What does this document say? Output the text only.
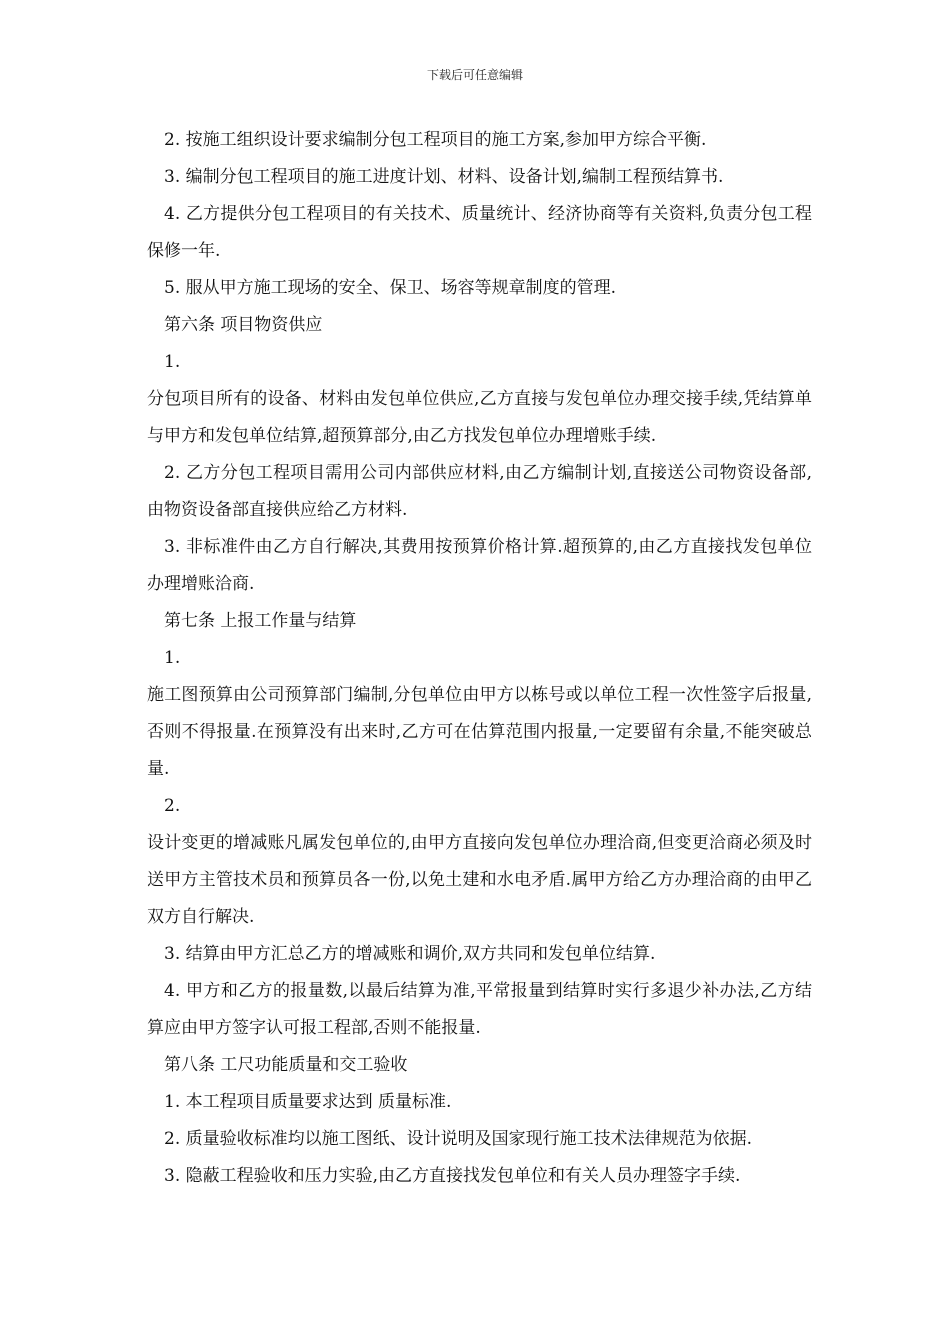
下载后可任意编辑

2. 按施工组织设计要求编制分包工程项目的施工方案,参加甲方综合平衡.

3. 编制分包工程项目的施工进度计划、材料、设备计划,编制工程预结算书.

4. 乙方提供分包工程项目的有关技术、质量统计、经济协商等有关资料,负责分包工程保修一年.

5. 服从甲方施工现场的安全、保卫、场容等规章制度的管理.

第六条 项目物资供应

1.

分包项目所有的设备、材料由发包单位供应,乙方直接与发包单位办理交接手续,凭结算单与甲方和发包单位结算,超预算部分,由乙方找发包单位办理增账手续.

2. 乙方分包工程项目需用公司内部供应材料,由乙方编制计划,直接送公司物资设备部,由物资设备部直接供应给乙方材料.

3. 非标准件由乙方自行解决,其费用按预算价格计算.超预算的,由乙方直接找发包单位办理增账洽商.

第七条 上报工作量与结算

1.

施工图预算由公司预算部门编制,分包单位由甲方以栋号或以单位工程一次性签字后报量,否则不得报量.在预算没有出来时,乙方可在估算范围内报量,一定要留有余量,不能突破总量.

2.

设计变更的增减账凡属发包单位的,由甲方直接向发包单位办理洽商,但变更洽商必须及时送甲方主管技术员和预算员各一份,以免土建和水电矛盾.属甲方给乙方办理洽商的由甲乙双方自行解决.

3. 结算由甲方汇总乙方的增减账和调价,双方共同和发包单位结算.

4. 甲方和乙方的报量数,以最后结算为准,平常报量到结算时实行多退少补办法,乙方结算应由甲方签字认可报工程部,否则不能报量.

第八条 工尺功能质量和交工验收

1. 本工程项目质量要求达到 质量标准.

2. 质量验收标准均以施工图纸、设计说明及国家现行施工技术法律规范为依据.

3. 隐蔽工程验收和压力实验,由乙方直接找发包单位和有关人员办理签字手续.
